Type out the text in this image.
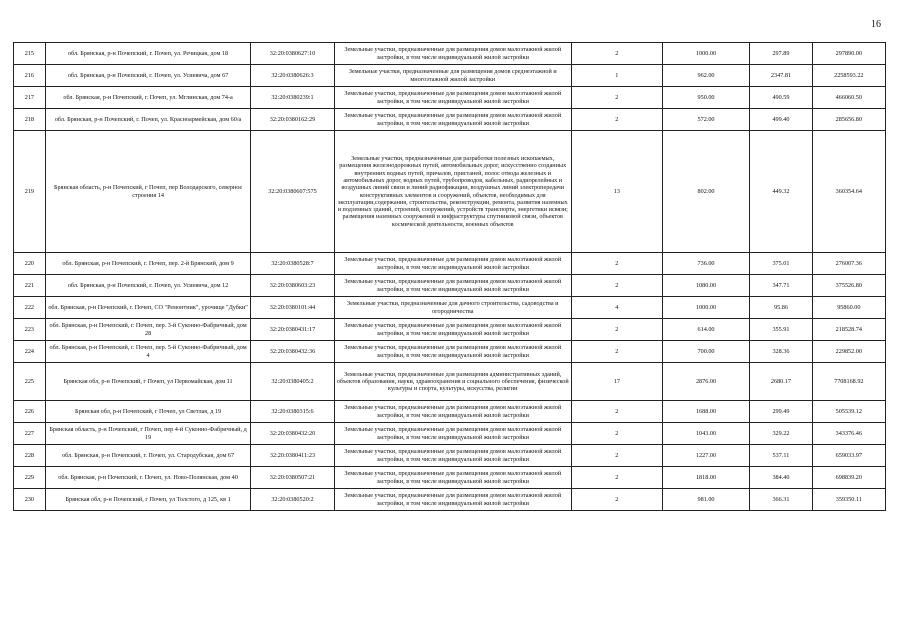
16
215	обл. Брянская, р-н Почепский, г. Почеп, ул. Речицкая, дом 18	32:20:0380627:10	Земельные участки, предназначенные для размещения домов малоэтажной жилой застройки, в том числе индивидуальной жилой застройки	2	1000.00	297.89	297890.00
216	обл. Брянская, р-н Почепский, г. Почеп, ул. Усиевича, дом 67	32:20:0380626:3	Земельные участки, предназначенные для размещения домов среднеэтажной и многоэтажной жилой застройки	1	962.00	2347.81	2258593.22
217	обл. Брянская, р-н Почепский, г. Почеп, ул. Мглинская, дом 74-а	32:20:0380239:1	Земельные участки, предназначенные для размещения домов малоэтажной жилой застройки, в том числе индивидуальной жилой застройки	2	950.00	490.59	466060.50
218	обл. Брянская, р-н Почепский, г. Почеп, ул. Красноармейская, дом 60/а	32:20:0380162:29	Земельные участки, предназначенные для размещения домов малоэтажной жилой застройки, в том числе индивидуальной жилой застройки	2	572.00	499.40	285656.80
219	Брянская область, р-н Почепский, г Почеп, пер Володарского, северное строения 14	32:20:0380607:575	Земельные участки, предназначенные для разработки полезных ископаемых, размещения железнодорожных путей, автомобильных дорог, искусственно созданных внутренних водных путей, причалов, пристаней, полос отвода железных и автомобильных дорог, водных путей, трубопроводов, кабельных, радиорелейных и воздушных линий связи и линий радиофикации, воздушных линий электропередачи конструктивных элементов и сооружений, объектов, необходимых для эксплуатации,содержания, строительства, реконструкции, ремонта, развития наземных и подземных зданий, строений, сооружений, устройств транспорта, энергетики исвязи; размещения наземных сооружений и инфраструктуры спутниковой связи, объектов космической деятельности, военных объектов	13	802.00	449.32	360354.64
220	обл. Брянская, р-н Почепский, г. Почеп, пер. 2-й Брянский, дом 9	32:20:0380528:7	Земельные участки, предназначенные для размещения домов малоэтажной жилой застройки, в том числе индивидуальной жилой застройки	2	736.00	375.01	276007.36
221	обл. Брянская, р-н Почепский, г. Почеп, ул. Усиевича, дом 12	32:20:0380603:23	Земельные участки, предназначенные для размещения домов малоэтажной жилой застройки, в том числе индивидуальной жилой застройки	2	1080.00	347.71	375526.80
222	обл. Брянская, р-н Почепский, г. Почеп, СО "Ремонтник", урочище "Дубки"	32:20:0380101:44	Земельные участки, предназначенные для дачного строительства, садоводства и огородничества	4	1000.00	95.86	95860.00
223	обл. Брянская, р-н Почепский, г. Почеп, пер. 3-й Суконно-Фабричный, дом 28	32:20:0380431:17	Земельные участки, предназначенные для размещения домов малоэтажной жилой застройки, в том числе индивидуальной жилой застройки	2	614.00	355.91	218528.74
224	обл. Брянская, р-н Почепский, г. Почеп, пер. 5-й Суконно-Фабричный, дом 4	32:20:0380432:36	Земельные участки, предназначенные для размещения домов малоэтажной жилой застройки, в том числе индивидуальной жилой застройки	2	700.00	328.36	229852.00
225	Брянская обл, р-н Почепский, г Почеп, ул Первомайская, дом 11	32:20:0380405:2	Земельные участки, предназначенные для размещения административных зданий, объектов образования, науки, здравоохранения и социального обеспечения, физической культуры и спорта, культуры, искусства, религии	17	2876.00	2680.17	7708168.92
226	Брянская обл, р-н Почепский, г Почеп, ул Светлая, д 19	32:20:0380315:6	Земельные участки, предназначенные для размещения домов малоэтажной жилой застройки, в том числе индивидуальной жилой застройки	2	1688.00	299.49	505539.12
227	Брянская область, р-н Почепский, г Почеп, пер 4-й Суконно-Фабричный, д 19	32:20:0380432:20	Земельные участки, предназначенные для размещения домов малоэтажной жилой застройки, в том числе индивидуальной жилой застройки	2	1043.00	329.22	343376.46
228	обл. Брянская, р-н Почепский, г. Почеп, ул. Стародубская, дом 67	32:20:0380411:23	Земельные участки, предназначенные для размещения домов малоэтажной жилой застройки, в том числе индивидуальной жилой застройки	2	1227.00	537.11	659033.97
229	обл. Брянская, р-н Почепский, г. Почеп, ул. Ново-Полянская, дом 40	32:20:0380507:21	Земельные участки, предназначенные для размещения домов малоэтажной жилой застройки, в том числе индивидуальной жилой застройки	2	1818.00	384.40	698839.20
230	Брянская обл, р-н Почепский, г Почеп, ул Толстого, д 125, кв 1	32:20:0380520:2	Земельные участки, предназначенные для размещения домов малоэтажной жилой застройки, в том числе индивидуальной жилой застройки	2	981.00	366.31	359350.11
